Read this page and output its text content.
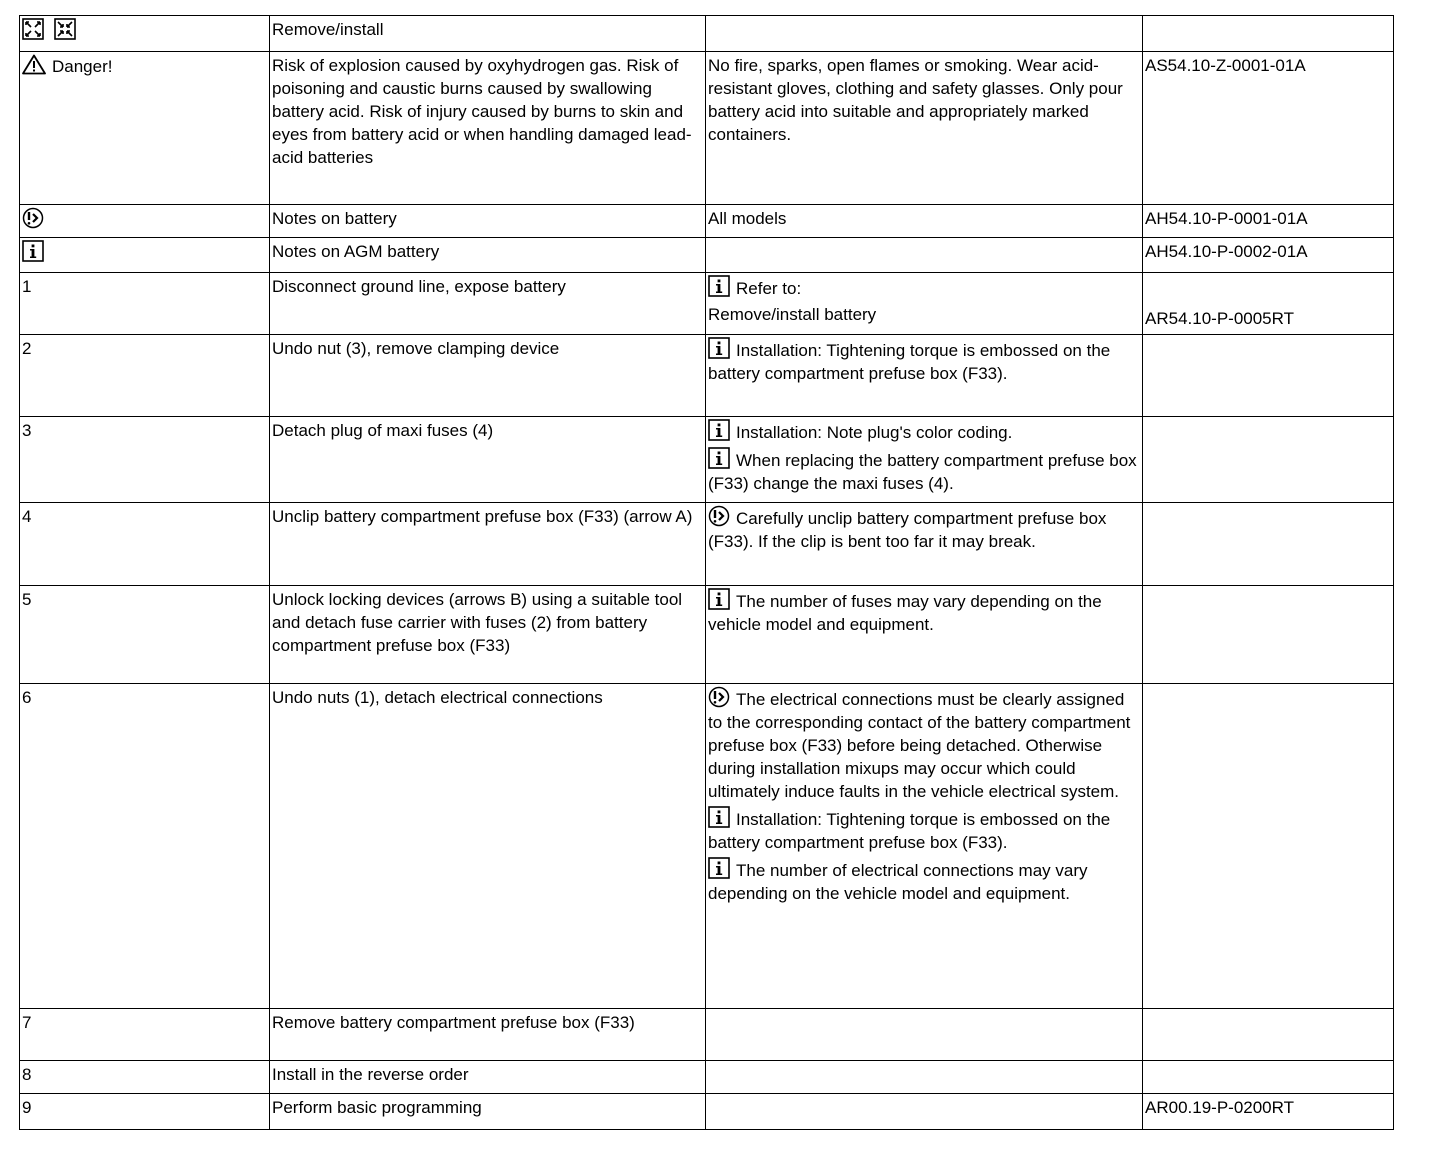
	Remove/install		

Danger!	Risk of explosion caused by oxyhydrogen gas. Risk of poisoning and caustic burns caused by swallowing battery acid. Risk of injury caused by burns to skin and eyes from battery acid or when handling damaged lead-acid batteries	No fire, sparks, open flames or smoking. Wear acid-resistant gloves, clothing and safety glasses. Only pour battery acid into suitable and appropriately marked containers.	AS54.10-Z-0001-01A

	Notes on battery	All models	AH54.10-P-0001-01A

	Notes on AGM battery		AH54.10-P-0002-01A
1	Disconnect ground line, expose battery	Refer to:
Remove/install battery	AR54.10-P-0005RT
2	Undo nut (3), remove clamping device	Installation: Tightening torque is embossed on the battery compartment prefuse box (F33).	

3	Detach plug of maxi fuses (4)	Installation: Note plug's color coding.
When replacing the battery compartment prefuse box (F33) change the maxi fuses (4).	

4	Unclip battery compartment prefuse box (F33) (arrow A)	Carefully unclip battery compartment prefuse box (F33). If the clip is bent too far it may break.	

5	Unlock locking devices (arrows B) using a suitable tool and detach fuse carrier with fuses (2) from battery compartment prefuse box (F33)	The number of fuses may vary depending on the vehicle model and equipment.	

6	Undo nuts (1), detach electrical connections	The electrical connections must be clearly assigned to the corresponding contact of the battery compartment prefuse box (F33) before being detached. Otherwise during installation mixups may occur which could ultimately induce faults in the vehicle electrical system.
Installation: Tightening torque is embossed on the battery compartment prefuse box (F33).
The number of electrical connections may vary depending on the vehicle model and equipment.	

7	Remove battery compartment prefuse box (F33)		
8	Install in the reverse order		
9	Perform basic programming		AR00.19-P-0200RT
